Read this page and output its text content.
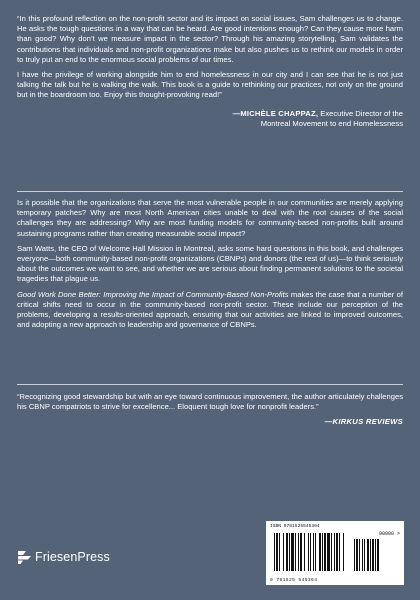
“In this profound reflection on the non-profit sector and its impact on social issues, Sam challenges us to change. He asks the tough questions in a way that can be heard. Are good intentions enough? Can they cause more harm than good? Why don’t we measure impact in the sector? Through his amazing storytelling, Sam validates the contributions that individuals and non-profit organizations make but also pushes us to rethink our models in order to truly put an end to the enormous social problems of our times.

I have the privilege of working alongside him to end homelessness in our city and I can see that he is not just talking the talk but he is walking the walk. This book is a guide to rethinking our practices, not only on the ground but in the boardroom too. Enjoy this thought-provoking read!”

—MICHÈLE CHAPPAZ, Executive Director of the
Montreal Movement to end Homelessness

Is it possible that the organizations that serve the most vulnerable people in our communities are merely applying temporary patches? Why are most North American cities unable to deal with the root causes of the social challenges they are addressing? Why are most funding models for community-based non-profits built around sustaining programs rather than creating measurable social impact?

Sam Watts, the CEO of Welcome Hall Mission in Montreal, asks some hard questions in this book, and challenges everyone—both community-based non-profit organizations (CBNPs) and donors (the rest of us)—to think seriously about the outcomes we want to see, and whether we are serious about finding permanent solutions to the societal tragedies that plague us.

Good Work Done Better: Improving the Impact of Community-Based Non-Profits makes the case that a number of critical shifts need to occur in the community-based non-profit sector. These include our perception of the problems, developing a results-oriented approach, ensuring that our activities are linked to improved outcomes, and adopting a new approach to leadership and governance of CBNPs.

“Recognizing good stewardship but with an eye toward continuous improvement, the author articulately challenges his CBNP compatriots to strive for excellence... Eloquent tough love for nonprofit leaders.”

—KIRKUS REVIEWS
FriesenPress
ISBN 9781525545364
90000 >
9 781525 545364
